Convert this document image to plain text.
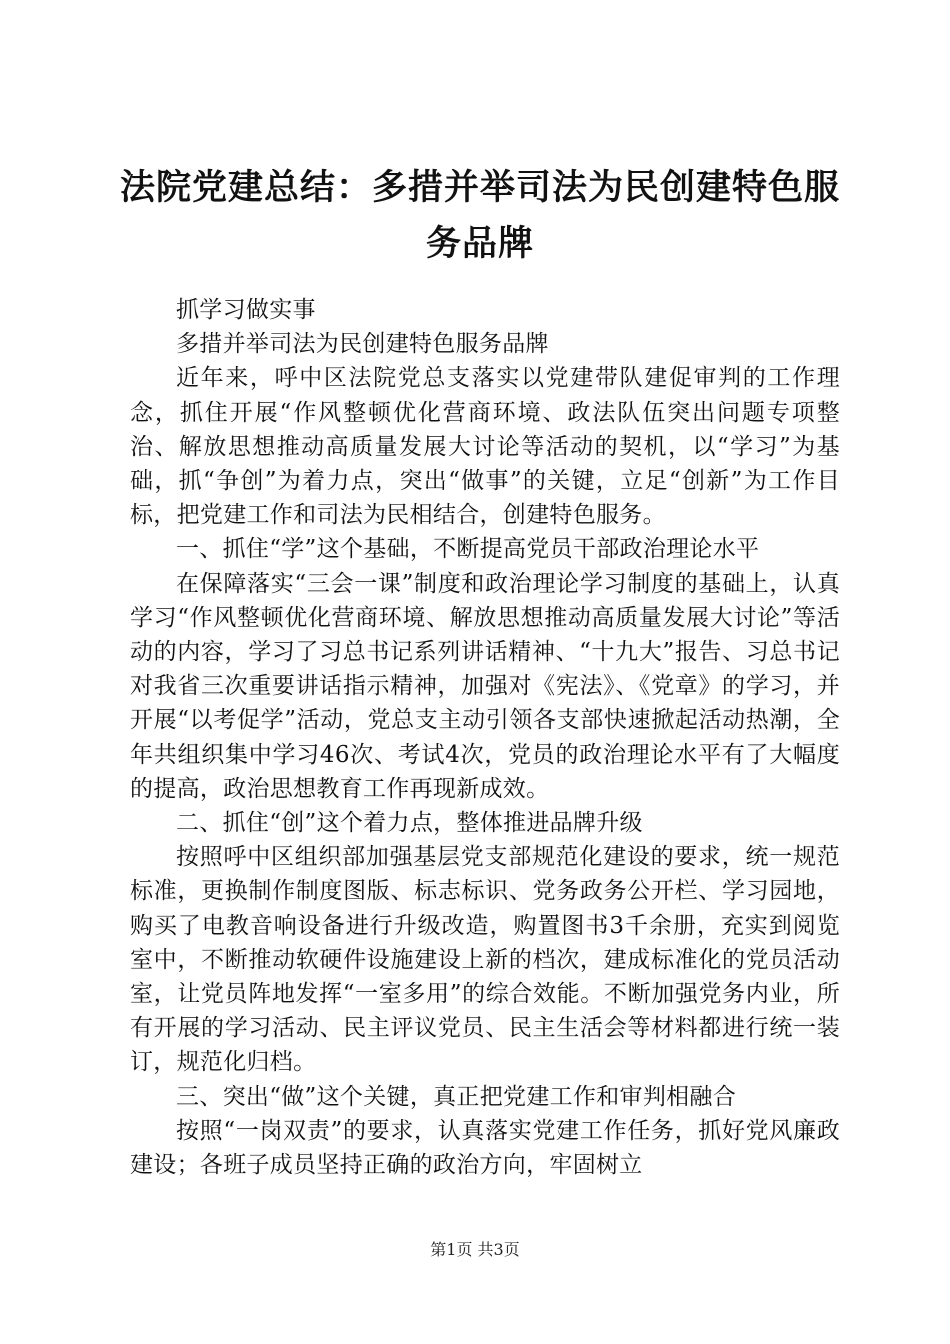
法院党建总结：多措并举司法为民创建特色服务品牌

抓学习做实事

多措并举司法为民创建特色服务品牌

近年来，呼中区法院党总支落实以党建带队建促审判的工作理念，抓住开展“作风整顿优化营商环境、政法队伍突出问题专项整治、解放思想推动高质量发展大讨论等活动的契机，以“学习”为基础，抓“争创”为着力点，突出“做事”的关键，立足“创新”为工作目标，把党建工作和司法为民相结合，创建特色服务。

一、抓住“学”这个基础，不断提高党员干部政治理论水平

在保障落实“三会一课”制度和政治理论学习制度的基础上，认真学习“作风整顿优化营商环境、解放思想推动高质量发展大讨论”等活动的内容，学习了习总书记系列讲话精神、“十九大”报告、习总书记对我省三次重要讲话指示精神，加强对《宪法》、《党章》的学习，并开展“以考促学”活动，党总支主动引领各支部快速掀起活动热潮，全年共组织集中学习46次、考试4次，党员的政治理论水平有了大幅度的提高，政治思想教育工作再现新成效。

二、抓住“创”这个着力点，整体推进品牌升级

按照呼中区组织部加强基层党支部规范化建设的要求，统一规范标准，更换制作制度图版、标志标识、党务政务公开栏、学习园地，购买了电教音响设备进行升级改造，购置图书3千余册，充实到阅览室中，不断推动软硬件设施建设上新的档次，建成标准化的党员活动室，让党员阵地发挥“一室多用”的综合效能。不断加强党务内业，所有开展的学习活动、民主评议党员、民主生活会等材料都进行统一装订，规范化归档。

三、突出“做”这个关键，真正把党建工作和审判相融合

按照“一岗双责”的要求，认真落实党建工作任务，抓好党风廉政建设；各班子成员坚持正确的政治方向，牢固树立

第1页 共3页
